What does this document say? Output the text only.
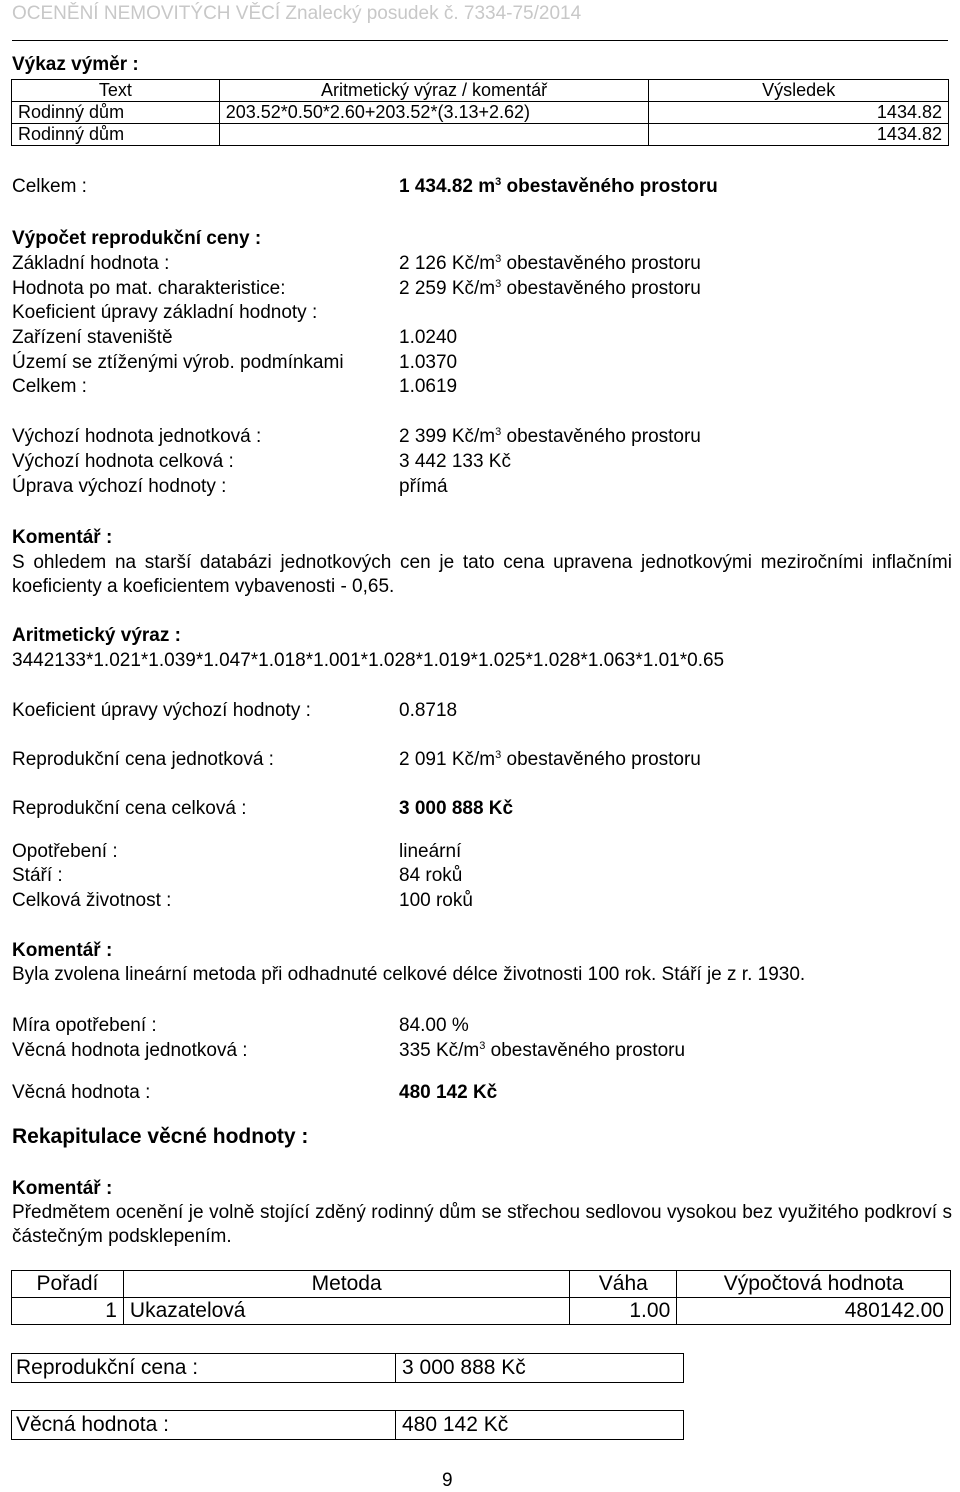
OCENĚNÍ NEMOVITÝCH VĚCÍ Znalecký posudek č. 7334-75/2014
Výkaz výměr :
Text	Aritmetický výraz / komentář	Výsledek
Rodinný dům	203.52*0.50*2.60+203.52*(3.13+2.62)	1434.82
Rodinný dům		1434.82
Celkem :	1 434.82 $m^3$ obestavěného prostoru
Výpočet reprodukční ceny :
Základní hodnota :	2 126 $Kč/m^3$ obestavěného prostoru
Hodnota po mat. charakteristice:	2 259 $Kč/m^3$ obestavěného prostoru
Koeficient úpravy základní hodnoty :
Zařízení staveniště	1.0240
Území se ztíženými výrob. podmínkami	1.0370
Celkem :	1.0619
Výchozí hodnota jednotková :	2 399 $Kč/m^3$ obestavěného prostoru
Výchozí hodnota celková :	3 442 133 Kč
Úprava výchozí hodnoty :	přímá
Komentář :
S ohledem na starší databázi jednotkových cen je tato cena upravena jednotkovými meziročními inflačními koeficienty a koeficientem vybavenosti - 0,65.
Aritmetický výraz :
3442133*1.021*1.039*1.047*1.018*1.001*1.028*1.019*1.025*1.028*1.063*1.01*0.65
Koeficient úpravy výchozí hodnoty :	0.8718
Reprodukční cena jednotková :	2 091 $Kč/m^3$ obestavěného prostoru
Reprodukční cena celková :	3 000 888 Kč
Opotřebení :	lineární
Stáří :	84 roků
Celková životnost :	100 roků
Komentář :
Byla zvolena lineární metoda při odhadnuté celkové délce životnosti 100 rok. Stáří je z r. 1930.
Míra opotřebení :	84.00 %
Věcná hodnota jednotková :	335 $Kč/m^3$ obestavěného prostoru
Věcná hodnota :	480 142 Kč
Rekapitulace věcné hodnoty :
Komentář :
Předmětem ocenění je volně stojící zděný rodinný dům se střechou sedlovou vysokou bez využitého podkroví s částečným podsklepením.
Pořadí	Metoda	Váha	Výpočtová hodnota
1	Ukazatelová	1.00	480142.00
Reprodukční cena :	3 000 888 Kč
Věcná hodnota :	480 142 Kč
9
